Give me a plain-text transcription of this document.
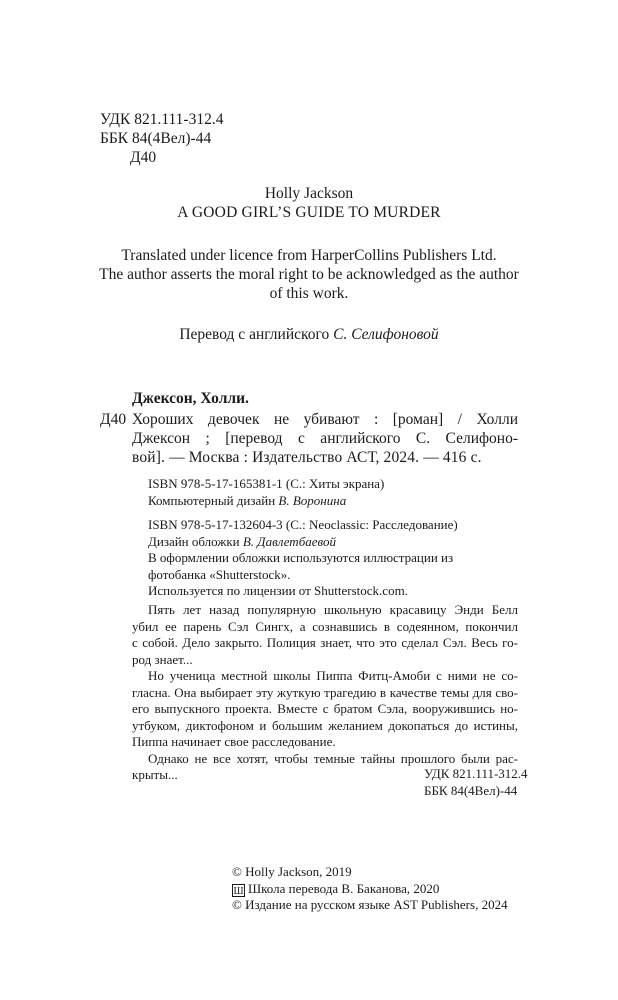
УДК 821.111-312.4
ББК 84(4Вел)-44
Д40
Holly Jackson
A GOOD GIRL’S GUIDE TO MURDER
Translated under licence from HarperCollins Publishers Ltd.
The author asserts the moral right to be acknowledged as the author
of this work.
Перевод с английского С. Селифоновой
Джексон, Холли.
Д40 Хороших девочек не убивают : [роман] / Холли
Джексон ; [перевод с английского С. Селифоно-
вой]. — Москва : Издательство АСТ, 2024. — 416 с.
ISBN 978-5-17-165381-1 (С.: Хиты экрана)
Компьютерный дизайн В. Воронина
ISBN 978-5-17-132604-3 (С.: Neoclassic: Расследование)
Дизайн обложки В. Давлетбаевой
В оформлении обложки используются иллюстрации из
фотобанка «Shutterstock».
Используется по лицензии от Shutterstock.com.
Пять лет назад популярную школьную красавицу Энди Белл
убил ее парень Сэл Сингх, а сознавшись в содеянном, покончил
с собой. Дело закрыто. Полиция знает, что это сделал Сэл. Весь го-
род знает...
Но ученица местной школы Пиппа Фитц-Амоби с ними не со-
гласна. Она выбирает эту жуткую трагедию в качестве темы для сво-
его выпускного проекта. Вместе с братом Сэла, вооружившись но-
утбуком, диктофоном и большим желанием докопаться до истины,
Пиппа начинает свое расследование.
Однако не все хотят, чтобы темные тайны прошлого были рас-
крыты...	УДК 821.111-312.4
ББК 84(4Вел)-44
© Holly Jackson, 2019
Ш Школа перевода В. Баканова, 2020
© Издание на русском языке AST Publishers, 2024
